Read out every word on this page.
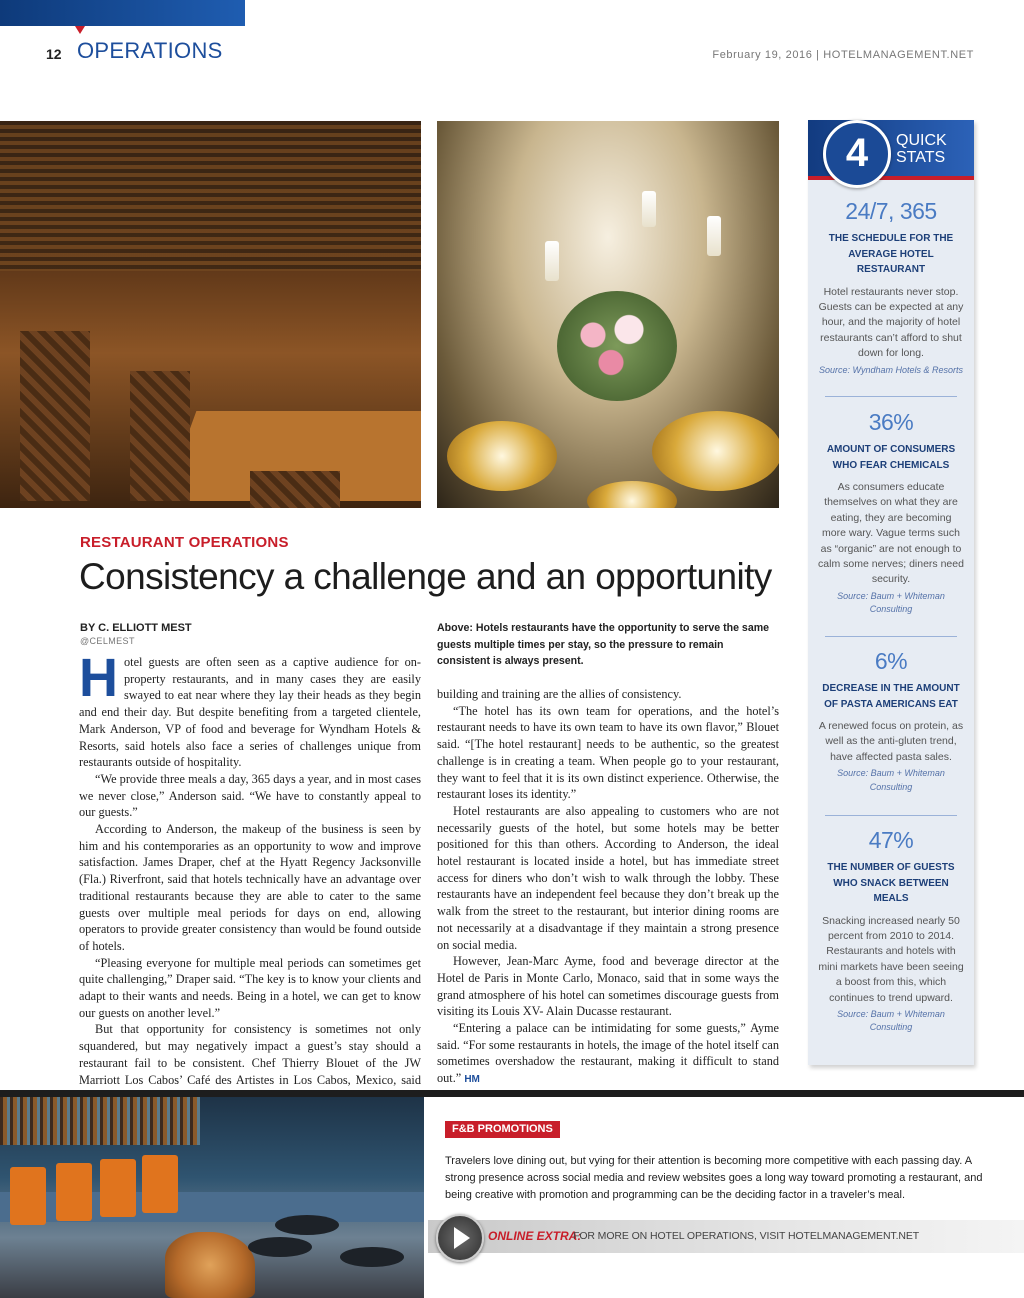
12 OPERATIONS	February 19, 2016 | HOTELMANAGEMENT.NET
RESTAURANT OPERATIONS
Consistency a challenge and an opportunity
BY C. ELLIOTT MEST
@CELMEST
Above: Hotels restaurants have the opportunity to serve the same guests multiple times per stay, so the pressure to remain consistent is always present.
H otel guests are often seen as a captive audience for on-property restaurants, and in many cases they are easily swayed to eat near where they lay their heads as they begin and end their day. But despite benefiting from a targeted clientele, Mark Anderson, VP of food and beverage for Wyndham Hotels & Resorts, said hotels also face a series of challenges unique from restaurants outside of hospitality.

“We provide three meals a day, 365 days a year, and in most cases we never close,” Anderson said. “We have to constantly appeal to our guests.”

According to Anderson, the makeup of the business is seen by him and his contemporaries as an opportunity to wow and improve satisfaction. James Draper, chef at the Hyatt Regency Jacksonville (Fla.) Riverfront, said that hotels technically have an advantage over traditional restaurants because they are able to cater to the same guests over multiple meal periods for days on end, allowing operators to provide greater consistency than would be found outside of hotels.

“Pleasing everyone for multiple meal periods can sometimes get quite challenging,” Draper said. “The key is to know your clients and adapt to their wants and needs. Being in a hotel, we can get to know our guests on another level.”

But that opportunity for consistency is sometimes not only squandered, but may negatively impact a guest’s stay should a restaurant fail to be consistent. Chef Thierry Blouet of the JW Marriott Los Cabos’ Café des Artistes in Los Cabos, Mexico, said

building and training are the allies of consistency.

“The hotel has its own team for operations, and the hotel’s restaurant needs to have its own team to have its own flavor,” Blouet said. “[The hotel restaurant] needs to be authentic, so the greatest challenge is in creating a team. When people go to your restaurant, they want to feel that it is its own distinct experience. Otherwise, the restaurant loses its identity.”

Hotel restaurants are also appealing to customers who are not necessarily guests of the hotel, but some hotels may be better positioned for this than others. According to Anderson, the ideal hotel restaurant is located inside a hotel, but has immediate street access for diners who don’t wish to walk through the lobby. These restaurants have an independent feel because they don’t break up the walk from the street to the restaurant, but interior dining rooms are not necessarily at a disadvantage if they maintain a strong presence on social media.

However, Jean-Marc Ayme, food and beverage director at the Hotel de Paris in Monte Carlo, Monaco, said that in some ways the grand atmosphere of his hotel can sometimes discourage guests from visiting its Louis XV- Alain Ducasse restaurant.

“Entering a palace can be intimidating for some guests,” Ayme said. “For some restaurants in hotels, the image of the hotel itself can sometimes overshadow the restaurant, making it difficult to stand out.” HM

4	QUICK
STATS
24/7, 365
THE SCHEDULE FOR THE AVERAGE HOTEL RESTAURANT
Hotel restaurants never stop. Guests can be expected at any hour, and the majority of hotel restaurants can’t afford to shut down for long.
Source: Wyndham Hotels & Resorts
36%
AMOUNT OF CONSUMERS WHO FEAR CHEMICALS
As consumers educate themselves on what they are eating, they are becoming more wary. Vague terms such as “organic” are not enough to calm some nerves; diners need security.
Source: Baum + Whiteman Consulting
6%
DECREASE IN THE AMOUNT OF PASTA AMERICANS EAT
A renewed focus on protein, as well as the anti-gluten trend, have affected pasta sales.
Source: Baum + Whiteman Consulting
47%
THE NUMBER OF GUESTS WHO SNACK BETWEEN MEALS
Snacking increased nearly 50 percent from 2010 to 2014. Restaurants and hotels with mini markets have been seeing a boost from this, which continues to trend upward.
Source: Baum + Whiteman Consulting
F&B PROMOTIONS
Travelers love dining out, but vying for their attention is becoming more competitive with each passing day. A strong presence across social media and review websites goes a long way toward promoting a restaurant, and being creative with promotion and programming can be the deciding factor in a traveler’s meal.
ONLINE EXTRA:
FOR MORE ON HOTEL OPERATIONS, VISIT HOTELMANAGEMENT.NET
